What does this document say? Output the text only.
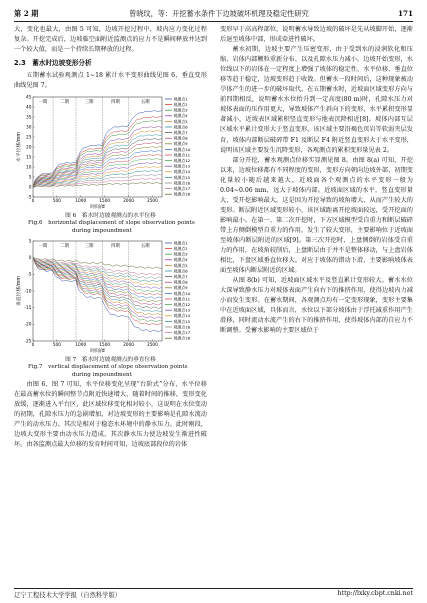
第 2 期	曾晓玟，等：开挖蓄水条件下边坡破坏机理及稳定性研究	171

大，变化也最大，由图 5 可知，边坡开挖过程中，坡内应力变化过程复杂。开挖完成后，边坡临空面附近监测点的应力不是瞬间释放并达到一个较大值，而是一个持续长期释放的过程。

2.3　蓄水时边坡变形分析

五期蓄水试验观测点 1~18 累计水平变形曲线见图 6，垂直变形曲线见图 7。

一期	二期	三期	四期	五期
0	500	1000	1500	2000	2500
-5
0
5
10
15
20
25
30
35
40
45
时间/d
水平位移/mm
观测点1
观测点2
观测点3
观测点4
观测点5
观测点6
观测点7
观测点8
观测点9
观测点10
观测点11
观测点12
观测点13
观测点14
观测点15
观测点16
观测点17
观测点18
图 6　蓄水时边坡观测点的水平位移
Fig.6　horizontal displacement of slope observation points
during impoundment
一期	二期	三期	四期	五期
0	500	1000	1500	2000	2500
-25
-20
-15
-10
-5
0
5
时间/d
垂直位移/mm
观测点1
观测点2
观测点3
观测点4
观测点5
观测点6
观测点7
观测点8
观测点9
观测点10
观测点11
观测点12
观测点13
观测点14
观测点15
观测点16
观测点17
观测点18
图 7　蓄水时边坡观测点的垂直位移
Fig.7　vertical displacement of slope observation points
during impoundment

由图 6、图 7 可知，水平位移变化呈现“台阶式”分布，水平位移在最高蓄水位的瞬间整节点附近快速增大，随着时间的推移，变形变化放缓，逐渐进入平台区，此区域位移变化相对较小，这说明在水位变动的初期，孔隙水压力的急剧增加，对边坡变形的主要影响是孔隙水流动产生的动水压力。其次是相对于稳态水环境中的静水压力。此时刚段，边坡大变形主要由动水压力造成，其次静水压力使边坡发生渐进性破坏。由各监测点最大位移的发育时间可知，边坡底部段位的岩体

变形早于高高程部位，说明蓄水导致边坡的破坏是先从坡脚开始，逐渐后退至坡体中部，形成牵进性破坏。

蓄水初期，边坡主要产生压密变形，由于受到水的浸润软化和压缩，岩体内部颗粒重新分布、以及孔隙水压力减小。边坡开始变形，水位线以下的岩体在一定程度上增强了坡体的稳定性，水平位移、垂直位移等趋于稳定，边坡变形趋于收敛。但蓄水一段时间后，这种现象被动孕体产生的进一步的破坏取代。在五期蓄水时，近坡面区域变形方向与前四期相反，说明蓄水水位抬升到一定高度(80 m)时，孔隙水压力对坡体表面的压作用更大，导致坡体产生斜向下的变形，水平累积变形显著减小，近坡表区域累积竖直变形与地表沉降相近[8]。坡体内部互层区域水平累计变形大于竖直变形，该区域主要沿褐色页岩等软弱夹层发育，坡体内部断层破碎带 F1 及断层 F4 附近竖直变形大于水平变形，说明该区域主要发生沉降变形，各观测点的累积变形量见表 2。

部分开挖，蓄水观测点位移实显测见图 8。由图 8(a) 可知，开挖以来，边坡位移都有不同程度的变形，变形方向朝向边坡外部，初期变化量较小随后越来越大，近坡面各个观测点的水平变形一般为 0.04~0.06 mm，远大于坡体内部。近坡面区域的水平，竖直变形量大，受开挖影响最大，这是因为开挖导致的坡角增大，从而产生较大的变形。断层附近区域变形较小，该区域距离开挖坡面较远，受开挖面的影响最小。在第一、第二次开挖时，下方区域模型受自重力和断层破碎带上方侧倒模型自重力的作用，发生了较大变形，主要影响位于近坡面至坡体内断层附近的区域[9]。第三次开挖时，上盘侧倒的岩体受自重力的作用，在坡角较削后，上盘断层由于并不是整体移动，与上盘岩体相比，下盘区域垂直位移大。对应于坡体的错动下滑，主要影响坡体表面至坡体内断层附近的区域。

从图 8(b) 可知，近坡面区域水平及竖直累计变形较大。蓄水水位大深导致静水压力对坡体表面产生向右下的推挤作用，使得边坡内力减小而发生变形。在蓄水期间，各观测点均有一定变形现象，变形主要集中在近坡面区域，具体而言，水位以下部分坡体由于浮托减重作用产生滑移，同时流动水流产生的右下的推挤作用，使得坡体内部的自应力不断调整。受蓄水影响的主要区域位于

辽宁工程技术大学学报（自然科学版）	http://lxky.cbpt.cnki.net
